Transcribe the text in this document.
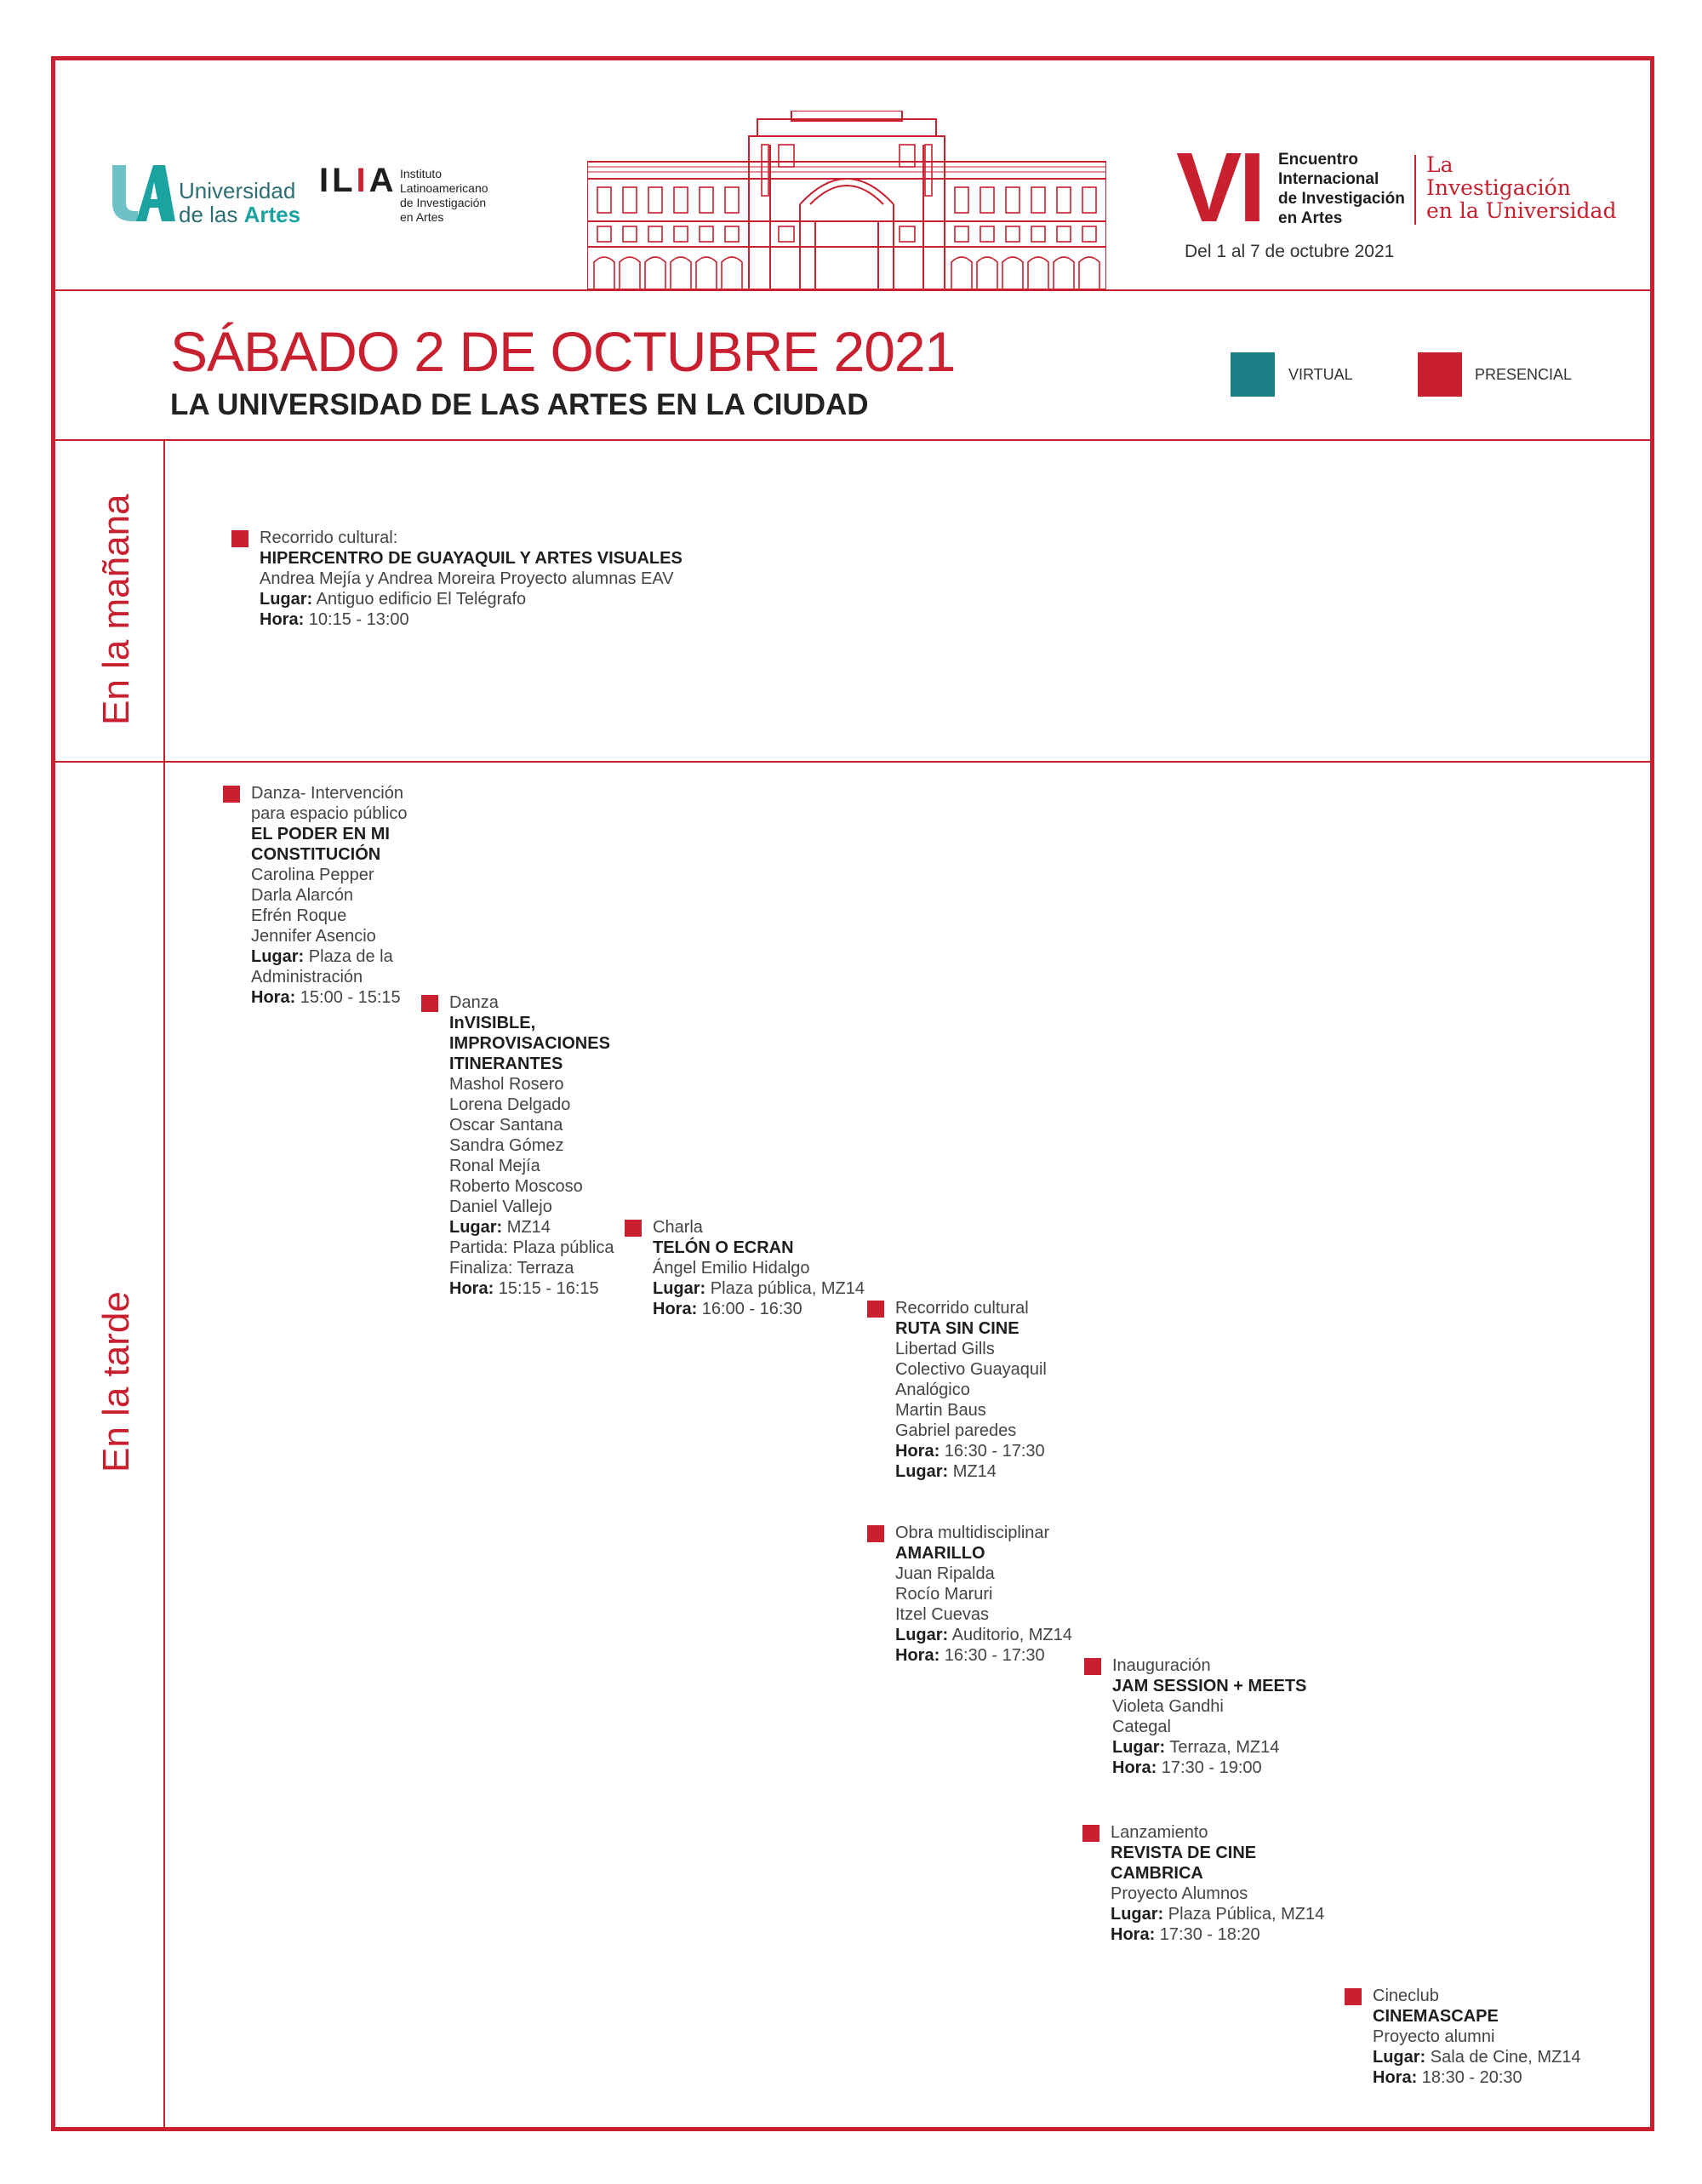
Universidad
de las Artes
ILIA Instituto
Latinoamericano
de Investigación
en Artes	VI Encuentro
Internacional
de Investigación
en Artes
La
Investigación
en la Universidad
Del 1 al 7 de octubre 2021
SÁBADO 2 DE OCTUBRE 2021
LA UNIVERSIDAD DE LAS ARTES EN LA CIUDAD
VIRTUAL	PRESENCIAL
En la mañana
En la tarde
Recorrido cultural:
HIPERCENTRO DE GUAYAQUIL Y ARTES VISUALES
Andrea Mejía y Andrea Moreira Proyecto alumnas EAV
Lugar: Antiguo edificio El Telégrafo
Hora: 10:15 - 13:00
Danza- Intervención
para espacio público
EL PODER EN MI
CONSTITUCIÓN
Carolina Pepper
Darla Alarcón
Efrén Roque
Jennifer Asencio
Lugar: Plaza de la
Administración
Hora: 15:00 - 15:15	Danza
InVISIBLE,
IMPROVISACIONES
ITINERANTES
Mashol Rosero
Lorena Delgado
Oscar Santana
Sandra Gómez
Ronal Mejía
Roberto Moscoso
Daniel Vallejo
Lugar: MZ14
Partida: Plaza pública
Finaliza: Terraza
Hora: 15:15 - 16:15
Charla
TELÓN O ECRAN
Ángel Emilio Hidalgo
Lugar: Plaza pública, MZ14
Hora: 16:00 - 16:30	Recorrido cultural
RUTA SIN CINE
Libertad Gills
Colectivo Guayaquil
Analógico
Martin Baus
Gabriel paredes
Hora: 16:30 - 17:30
Lugar: MZ14
Obra multidisciplinar
AMARILLO
Juan Ripalda
Rocío Maruri
Itzel Cuevas
Lugar: Auditorio, MZ14
Hora: 16:30 - 17:30
Inauguración
JAM SESSION + MEETS
Violeta Gandhi
Categal
Lugar: Terraza, MZ14
Hora: 17:30 - 19:00
Lanzamiento
REVISTA DE CINE
CAMBRICA
Proyecto Alumnos
Lugar: Plaza Pública, MZ14
Hora: 17:30 - 18:20
Cineclub
CINEMASCAPE
Proyecto alumni
Lugar: Sala de Cine, MZ14
Hora: 18:30 - 20:30
